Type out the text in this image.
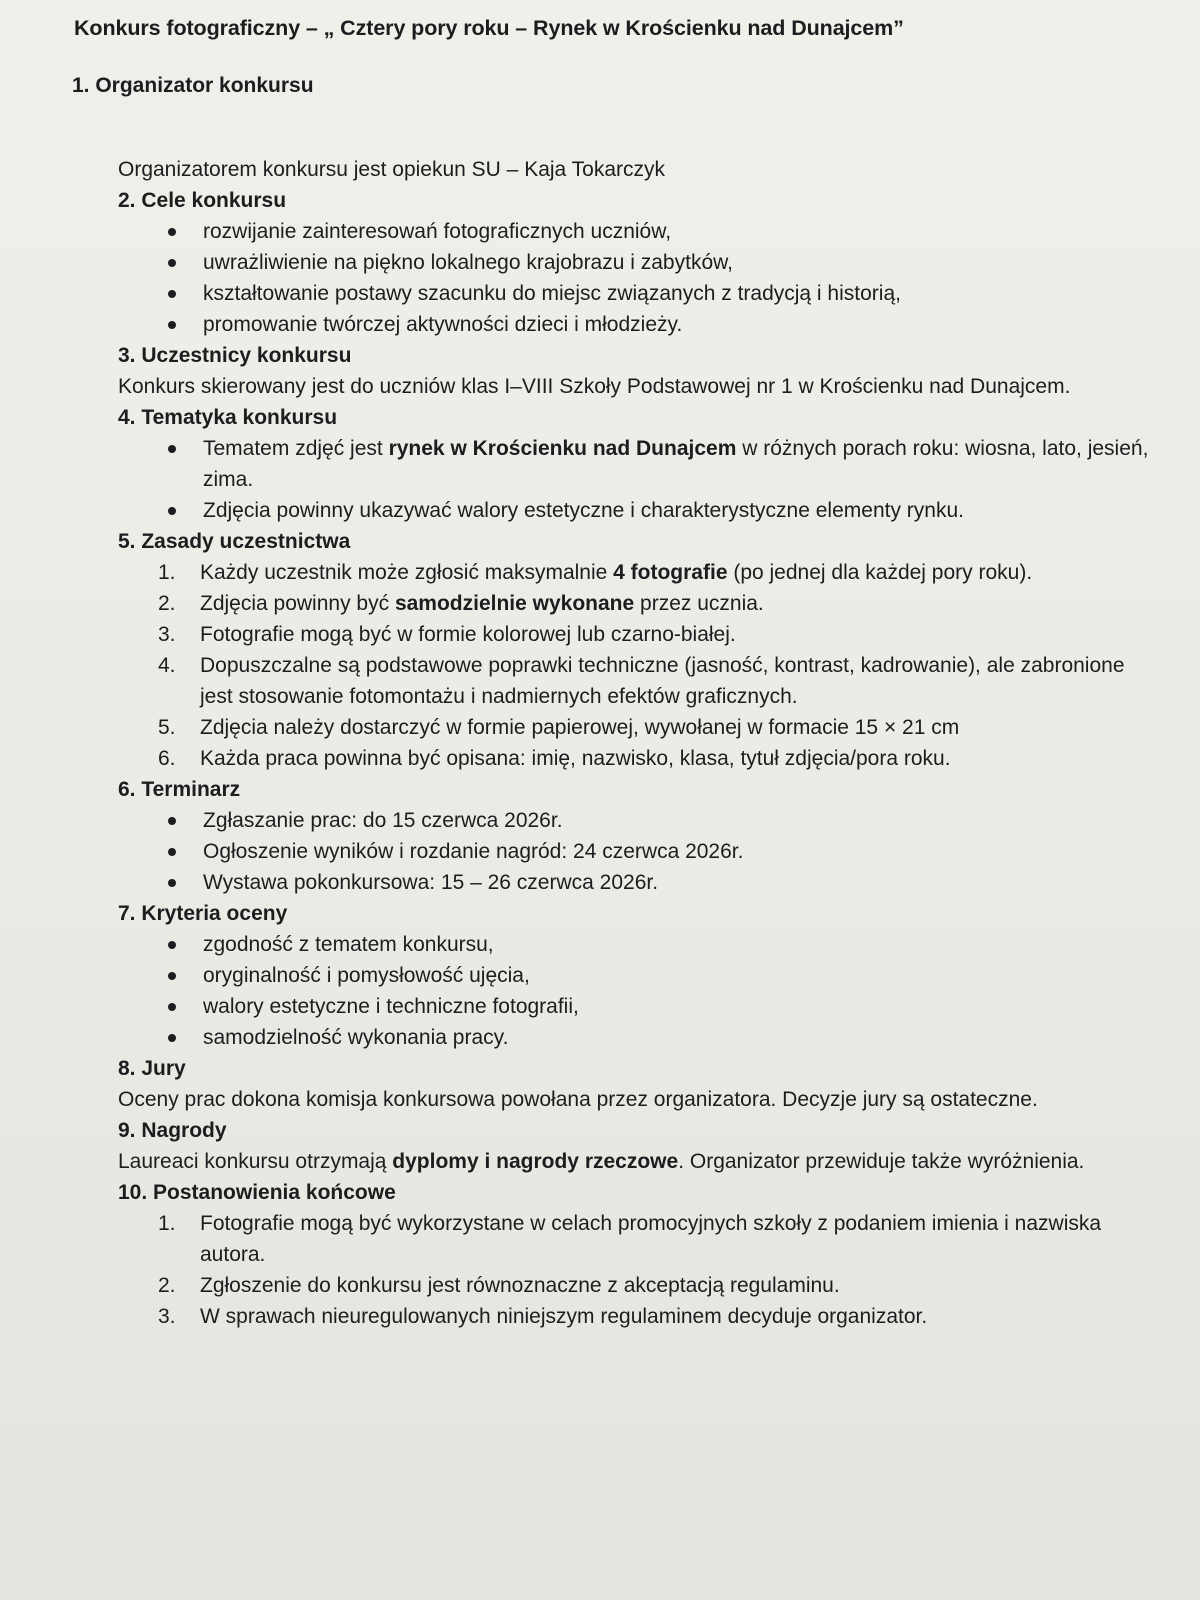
Konkurs fotograficzny – „ Cztery pory roku – Rynek w Krościenku nad Dunajcem”
1. Organizator konkursu

Organizatorem konkursu jest opiekun SU – Kaja Tokarczyk

2. Cele konkursu

rozwijanie zainteresowań fotograficznych uczniów,
uwrażliwienie na piękno lokalnego krajobrazu i zabytków,
kształtowanie postawy szacunku do miejsc związanych z tradycją i historią,
promowanie twórczej aktywności dzieci i młodzieży.

3. Uczestnicy konkursu

Konkurs skierowany jest do uczniów klas I–VIII Szkoły Podstawowej nr 1 w Krościenku nad Dunajcem.

4. Tematyka konkursu

Tematem zdjęć jest rynek w Krościenku nad Dunajcem w różnych porach roku: wiosna, lato, jesień, zima.
Zdjęcia powinny ukazywać walory estetyczne i charakterystyczne elementy rynku.

5. Zasady uczestnictwa

1. Każdy uczestnik może zgłosić maksymalnie 4 fotografie (po jednej dla każdej pory roku).
2. Zdjęcia powinny być samodzielnie wykonane przez ucznia.
3. Fotografie mogą być w formie kolorowej lub czarno-białej.
4. Dopuszczalne są podstawowe poprawki techniczne (jasność, kontrast, kadrowanie), ale zabronione jest stosowanie fotomontażu i nadmiernych efektów graficznych.
5. Zdjęcia należy dostarczyć w formie papierowej, wywołanej w formacie 15 × 21 cm
6. Każda praca powinna być opisana: imię, nazwisko, klasa, tytuł zdjęcia/pora roku.

6. Terminarz

Zgłaszanie prac: do 15 czerwca 2026r.
Ogłoszenie wyników i rozdanie nagród: 24 czerwca 2026r.
Wystawa pokonkursowa: 15 – 26 czerwca 2026r.

7. Kryteria oceny

zgodność z tematem konkursu,
oryginalność i pomysłowość ujęcia,
walory estetyczne i techniczne fotografii,
samodzielność wykonania pracy.

8. Jury

Oceny prac dokona komisja konkursowa powołana przez organizatora. Decyzje jury są ostateczne.

9. Nagrody

Laureaci konkursu otrzymają dyplomy i nagrody rzeczowe. Organizator przewiduje także wyróżnienia.

10. Postanowienia końcowe

1. Fotografie mogą być wykorzystane w celach promocyjnych szkoły z podaniem imienia i nazwiska autora.
2. Zgłoszenie do konkursu jest równoznaczne z akceptacją regulaminu.
3. W sprawach nieuregulowanych niniejszym regulaminem decyduje organizator.
